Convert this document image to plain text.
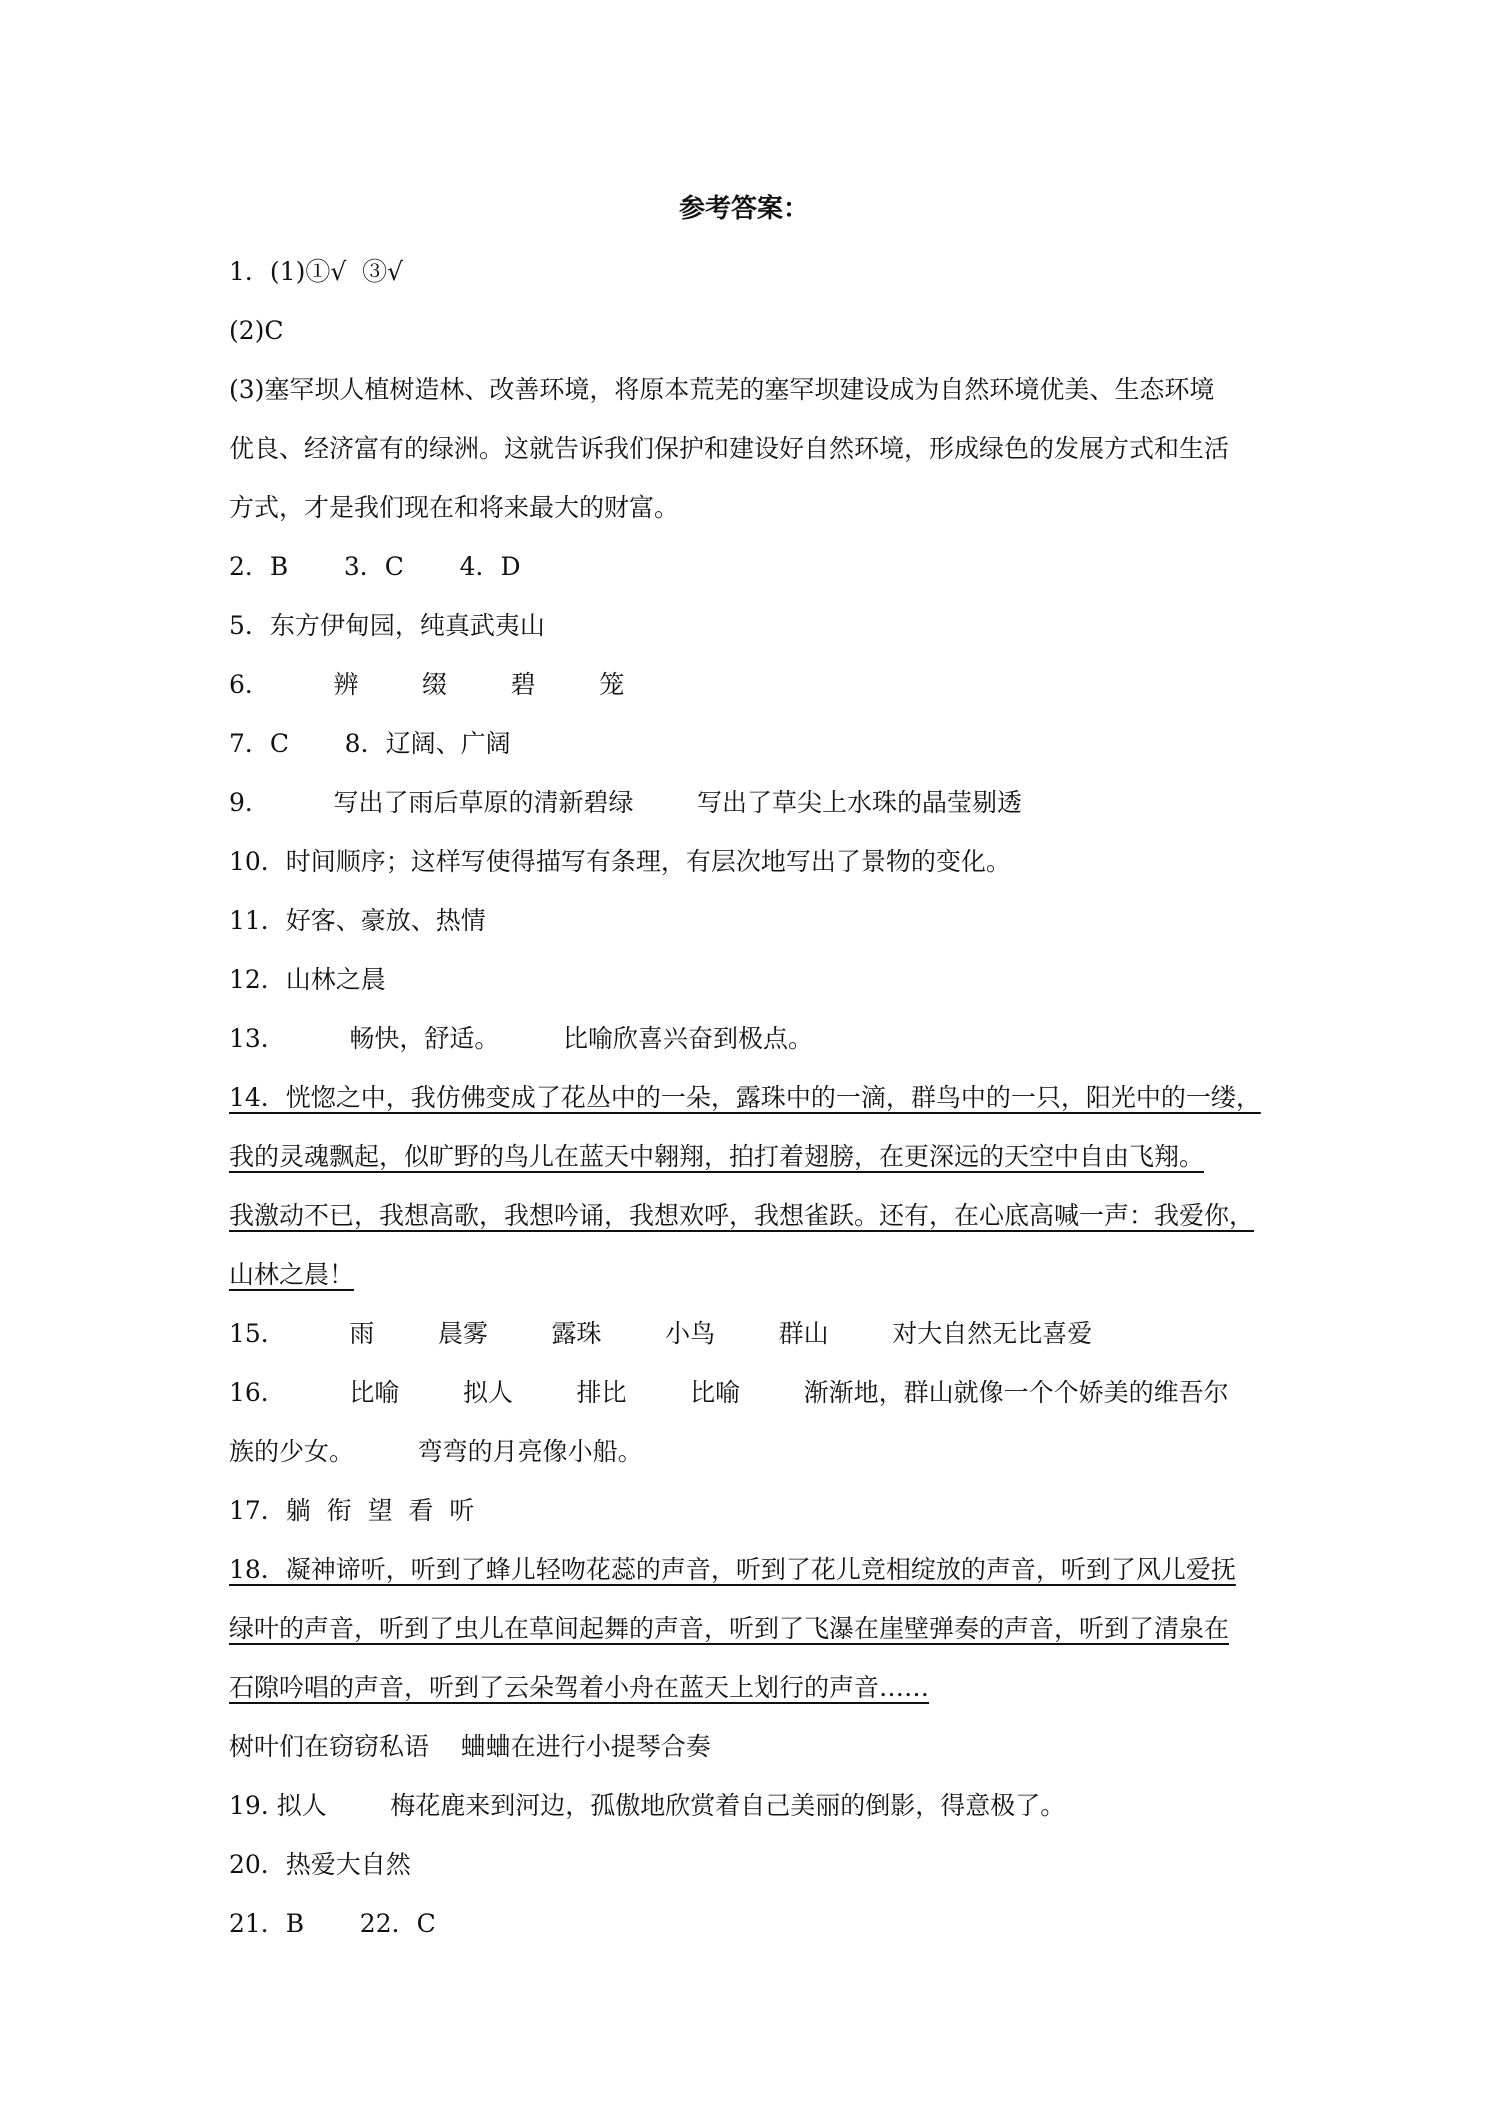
参考答案：
1．(1)①√  ③√
(2)C
(3)塞罕坝人植树造林、改善环境，将原本荒芜的塞罕坝建设成为自然环境优美、生态环境
优良、经济富有的绿洲。这就告诉我们保护和建设好自然环境，形成绿色的发展方式和生活
方式，才是我们现在和将来最大的财富。
2．B       3．C       4．D
5．东方伊甸园，纯真武夷山
6．        辨        缀        碧        笼
7．C       8．辽阔、广阔
9．        写出了雨后草原的清新碧绿        写出了草尖上水珠的晶莹剔透
10．时间顺序；这样写使得描写有条理，有层次地写出了景物的变化。
11．好客、豪放、热情
12．山林之晨
13．        畅快，舒适。        比喻欣喜兴奋到极点。
14．恍惚之中，我仿佛变成了花丛中的一朵，露珠中的一滴，群鸟中的一只，阳光中的一缕，
我的灵魂飘起，似旷野的鸟儿在蓝天中翱翔，拍打着翅膀，在更深远的天空中自由飞翔。
我激动不已，我想高歌，我想吟诵，我想欢呼，我想雀跃。还有，在心底高喊一声：我爱你，
山林之晨！
15．        雨        晨雾        露珠        小鸟        群山        对大自然无比喜爱
16．        比喻        拟人        排比        比喻        渐渐地，群山就像一个个娇美的维吾尔
族的少女。        弯弯的月亮像小船。
17．躺  衔  望  看  听
18．凝神谛听，听到了蜂儿轻吻花蕊的声音，听到了花儿竞相绽放的声音，听到了风儿爱抚
绿叶的声音，听到了虫儿在草间起舞的声音，听到了飞瀑在崖壁弹奏的声音，听到了清泉在
石隙吟唱的声音，听到了云朵驾着小舟在蓝天上划行的声音……
树叶们在窃窃私语    蛐蛐在进行小提琴合奏
19. 拟人        梅花鹿来到河边，孤傲地欣赏着自己美丽的倒影，得意极了。
20．热爱大自然
21．B       22．C
